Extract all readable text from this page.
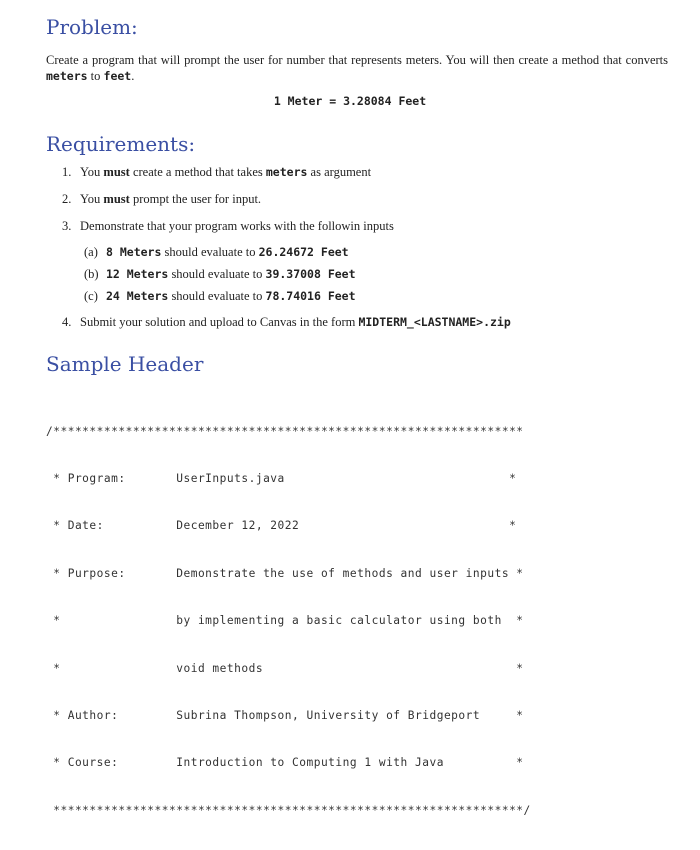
Problem:
Create a program that will prompt the user for number that represents meters. You will then create a method that converts meters to feet.
1 Meter = 3.28084 Feet
Requirements:
1. You must create a method that takes meters as argument
2. You must prompt the user for input.
3. Demonstrate that your program works with the followin inputs
(a) 8 Meters should evaluate to 26.24672 Feet
(b) 12 Meters should evaluate to 39.37008 Feet
(c) 24 Meters should evaluate to 78.74016 Feet
4. Submit your solution and upload to Canvas in the form MIDTERM_<LASTNAME>.zip
Sample Header

/*****************************************************************

* Program:       UserInputs.java                               *

* Date:          December 12, 2022                             *

* Purpose:       Demonstrate the use of methods and user inputs *

*                by implementing a basic calculator using both  *

*                void methods                                   *

* Author:        Subrina Thompson, University of Bridgeport     *

* Course:        Introduction to Computing 1 with Java          *

*****************************************************************/
